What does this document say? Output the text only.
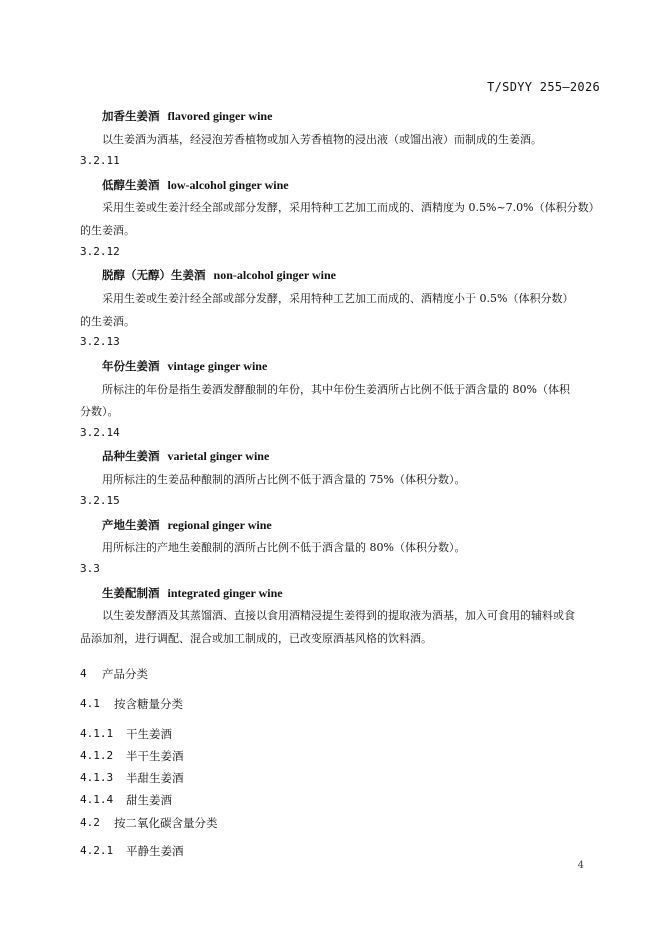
T/SDYY 255—2026
加香生姜酒 flavored ginger wine
以生姜酒为酒基，经浸泡芳香植物或加入芳香植物的浸出液（或馏出液）而制成的生姜酒。
3.2.11
低醇生姜酒 low-alcohol ginger wine
采用生姜或生姜汁经全部或部分发酵，采用特种工艺加工而成的、酒精度为 0.5%~7.0%（体积分数）
的生姜酒。
3.2.12
脱醇（无醇）生姜酒 non-alcohol ginger wine
采用生姜或生姜汁经全部或部分发酵，采用特种工艺加工而成的、酒精度小于 0.5%（体积分数）
的生姜酒。
3.2.13
年份生姜酒 vintage ginger wine
所标注的年份是指生姜酒发酵酿制的年份，其中年份生姜酒所占比例不低于酒含量的 80%（体积
分数）。
3.2.14
品种生姜酒 varietal ginger wine
用所标注的生姜品种酿制的酒所占比例不低于酒含量的 75%（体积分数）。
3.2.15
产地生姜酒 regional ginger wine
用所标注的产地生姜酿制的酒所占比例不低于酒含量的 80%（体积分数）。
3.3
生姜配制酒 integrated ginger wine
以生姜发酵酒及其蒸馏酒、直接以食用酒精浸提生姜得到的提取液为酒基，加入可食用的辅料或食
品添加剂，进行调配、混合或加工制成的，已改变原酒基风格的饮料酒。
4 产品分类
4.1 按含糖量分类
4.1.1 干生姜酒
4.1.2 半干生姜酒
4.1.3 半甜生姜酒
4.1.4 甜生姜酒
4.2 按二氧化碳含量分类
4.2.1 平静生姜酒
4
